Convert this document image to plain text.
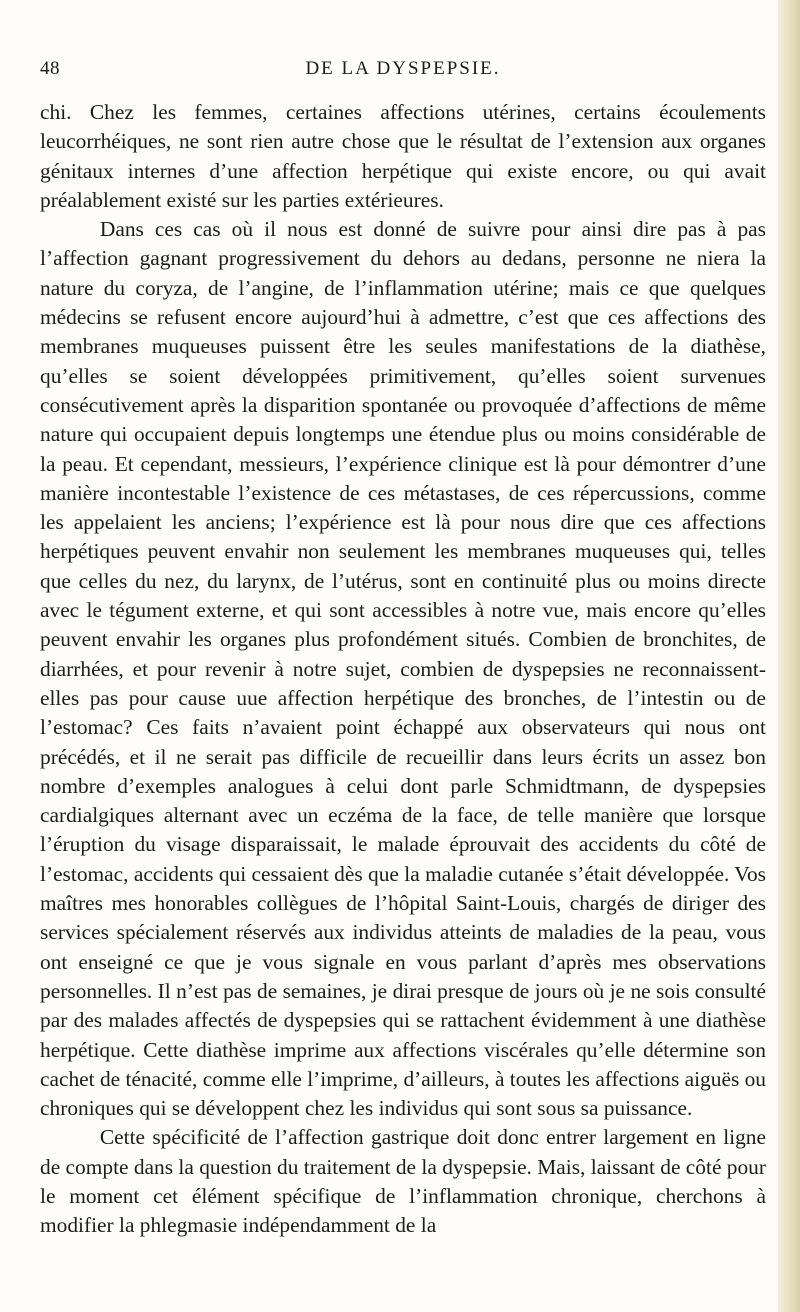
48	DE LA DYSPEPSIE.

chi. Chez les femmes, certaines affections utérines, certains écoulements leucorrhéiques, ne sont rien autre chose que le résultat de l’extension aux organes génitaux internes d’une affection herpétique qui existe encore, ou qui avait préalablement existé sur les parties extérieures.

Dans ces cas où il nous est donné de suivre pour ainsi dire pas à pas l’affection gagnant progressivement du dehors au dedans, personne ne niera la nature du coryza, de l’angine, de l’inflammation utérine; mais ce que quelques médecins se refusent encore aujourd’hui à admettre, c’est que ces affections des membranes muqueuses puissent être les seules manifestations de la diathèse, qu’elles se soient développées primitivement, qu’elles soient survenues consécutivement après la disparition spontanée ou provoquée d’affections de même nature qui occupaient depuis longtemps une étendue plus ou moins considérable de la peau. Et cependant, messieurs, l’expérience clinique est là pour démontrer d’une manière incontestable l’existence de ces métastases, de ces répercussions, comme les appelaient les anciens; l’expérience est là pour nous dire que ces affections herpétiques peuvent envahir non seulement les membranes muqueuses qui, telles que celles du nez, du larynx, de l’utérus, sont en continuité plus ou moins directe avec le tégument externe, et qui sont accessibles à notre vue, mais encore qu’elles peuvent envahir les organes plus profondément situés. Combien de bronchites, de diarrhées, et pour revenir à notre sujet, combien de dyspepsies ne reconnaissent-elles pas pour cause uue affection herpétique des bronches, de l’intestin ou de l’estomac? Ces faits n’avaient point échappé aux observateurs qui nous ont précédés, et il ne serait pas difficile de recueillir dans leurs écrits un assez bon nombre d’exemples analogues à celui dont parle Schmidtmann, de dyspepsies cardialgiques alternant avec un eczéma de la face, de telle manière que lorsque l’éruption du visage disparaissait, le malade éprouvait des accidents du côté de l’estomac, accidents qui cessaient dès que la maladie cutanée s’était développée. Vos maîtres mes honorables collègues de l’hôpital Saint-Louis, chargés de diriger des services spécialement réservés aux individus atteints de maladies de la peau, vous ont enseigné ce que je vous signale en vous parlant d’après mes observations personnelles. Il n’est pas de semaines, je dirai presque de jours où je ne sois consulté par des malades affectés de dyspepsies qui se rattachent évidemment à une diathèse herpétique. Cette diathèse imprime aux affections viscérales qu’elle détermine son cachet de ténacité, comme elle l’imprime, d’ailleurs, à toutes les affections aiguës ou chroniques qui se développent chez les individus qui sont sous sa puissance.

Cette spécificité de l’affection gastrique doit donc entrer largement en ligne de compte dans la question du traitement de la dyspepsie. Mais, laissant de côté pour le moment cet élément spécifique de l’inflammation chronique, cherchons à modifier la phlegmasie indépendamment de la
